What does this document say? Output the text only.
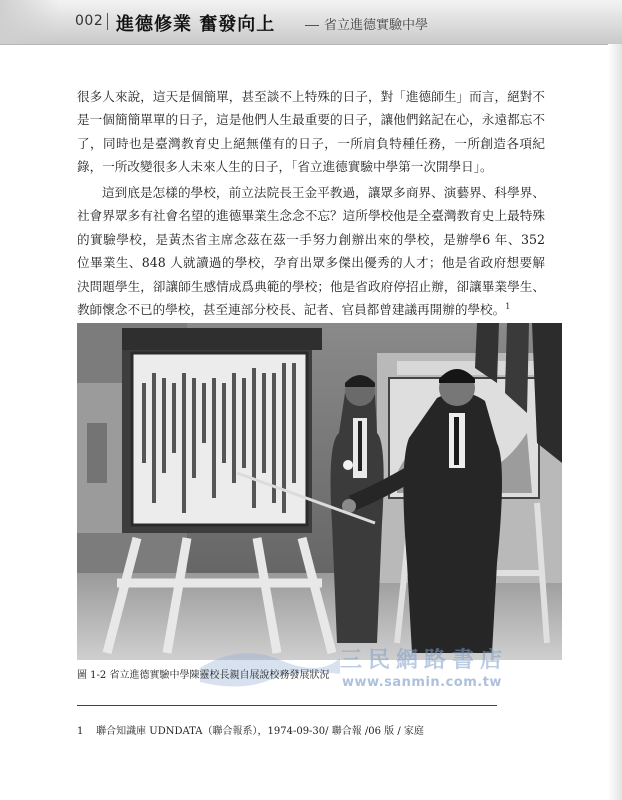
002 進德修業 奮發向上	省立進德實驗中學

很多人來說，這天是個簡單，甚至談不上特殊的日子，對「進德師生」而言，絕對不是一個簡簡單單的日子，這是他們人生最重要的日子，讓他們銘記在心，永遠都忘不了，同時也是臺灣教育史上絕無僅有的日子，一所肩負特種任務，一所創造各項紀錄，一所改變很多人未來人生的日子，「省立進德實驗中學第一次開學日」。

這到底是怎樣的學校，前立法院長王金平教過，讓眾多商界、演藝界、科學界、社會界眾多有社會名望的進德畢業生念念不忘？這所學校他是全臺灣教育史上最特殊的實驗學校，是黃杰省主席念茲在茲一手努力創辦出來的學校，是辦學6 年、352 位畢業生、848 人就讀過的學校，孕育出眾多傑出優秀的人才；他是省政府想要解決問題學生，卻讓師生感情成爲典範的學校；他是省政府停招止辦，卻讓畢業學生、教師懷念不已的學校，甚至連部分校長、記者、官員都曾建議再開辦的學校。$^1$

三民網路書店
www.sanmin.com.tw
圖 1-2 省立進德實驗中學陳靈校長親自展說校務發展狀況

1 聯合知識庫 UDNDATA（聯合報系），1974-09-30/ 聯合報 /06 版 / 家庭
